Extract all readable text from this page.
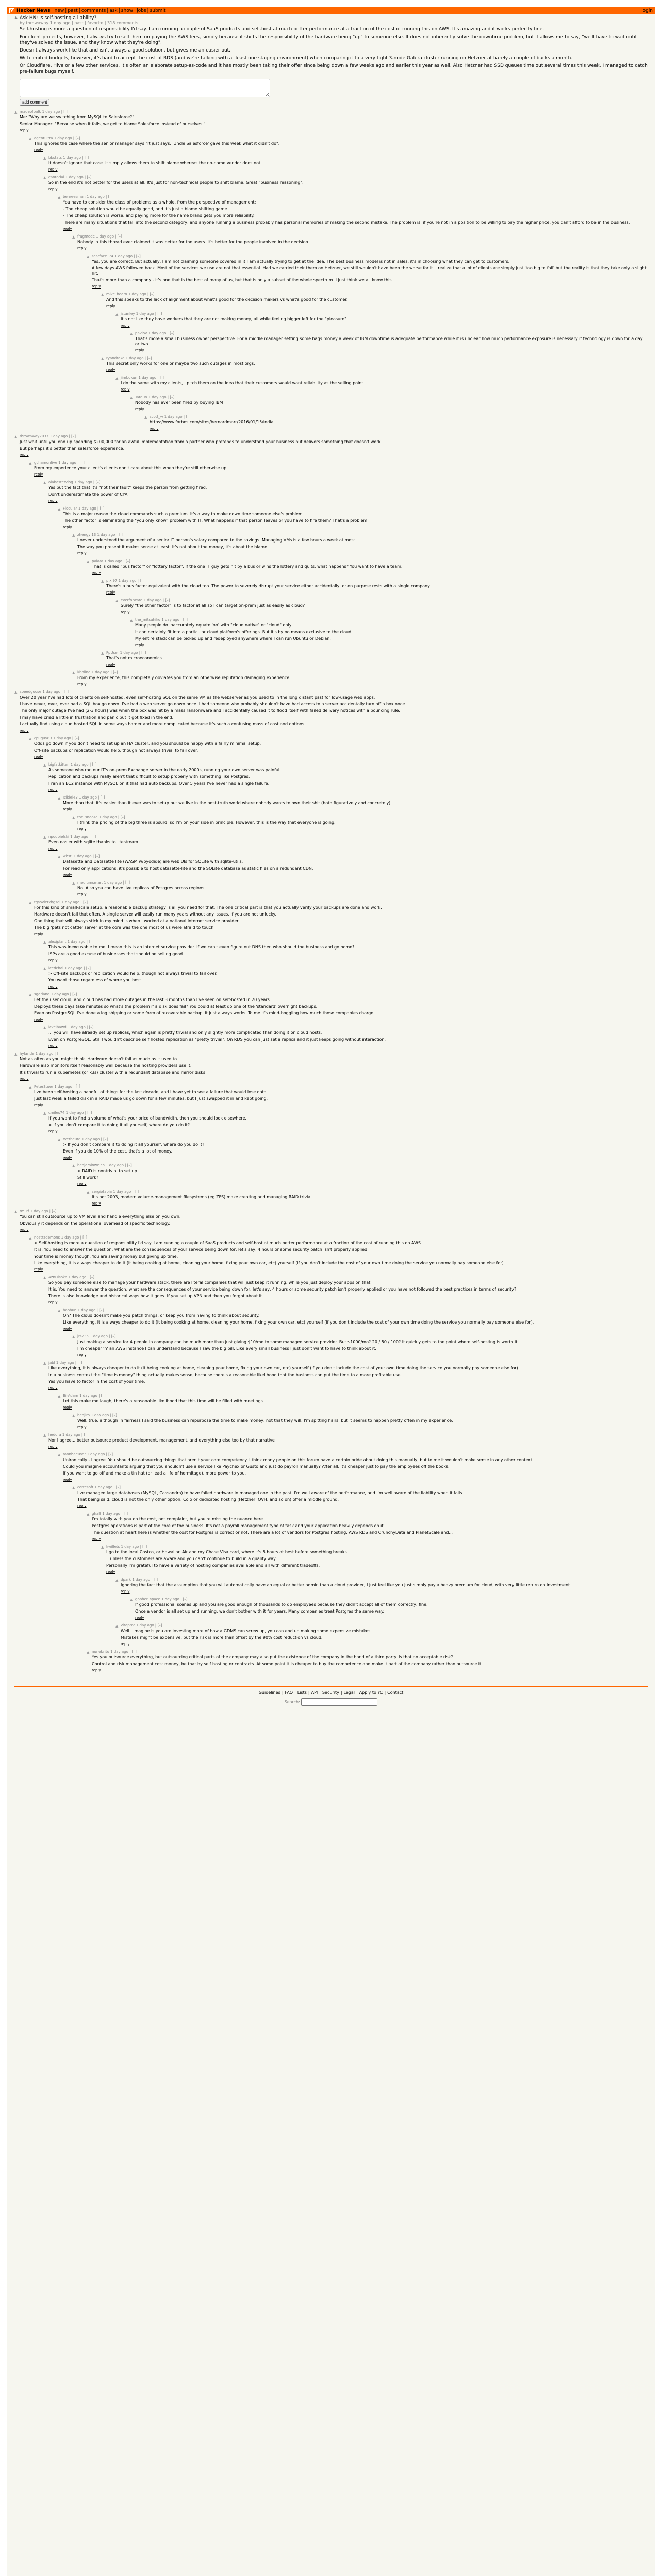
Y Hacker News new | past | comments | ask | show | jobs | submit	login
▲ Ask HN: Is self-hosting a liability?
by throwaway 1 day ago | past | favorite | 318 comments

Self-hosting is more a question of responsibility I'd say. I am running a couple of SaaS products and self-host at much better performance at a fraction of the cost of running this on AWS. It's amazing and it works perfectly fine.

For client projects, however, I always try to sell them on paying the AWS fees, simply because it shifts the responsibility of the hardware being "up" to someone else. It does not inherently solve the downtime problem, but it allows me to say, "we'll have to wait until they've solved the issue, and they know what they're doing".

Doesn't always work like that and isn't always a good solution, but gives me an easier out.

With limited budgets, however, it's hard to accept the cost of RDS (and we're talking with at least one staging environment) when comparing it to a very tight 3-node Galera cluster running on Hetzner at barely a couple of bucks a month.

Or Cloudflare, Hive or a few other services. It's often an elaborate setup-as-code and it has mostly been taking their offer since being down a few weeks ago and earlier this year as well. Also Hetzner had SSD queues time out several times this week. I managed to catch pre-failure bugs myself.

add comment
▲ madeofpalk 1 day ago | [–]

Me: "Why are we switching from MySQL to Salesforce?"

Senior Manager: "Because when it fails, we get to blame Salesforce instead of ourselves."

reply
▲ agentultra 1 day ago | [–]

This ignores the case where the senior manager says "It just says, 'Uncle Salesforce' gave this week what it didn't do".

reply
▲ bbstats 1 day ago | [–]

It doesn't ignore that case. It simply allows them to shift blame whereas the no-name vendor does not.

reply
▲ cantorial 1 day ago | [–]

So in the end it's not better for the users at all. It's just for non-technical people to shift blame. Great "business reasoning".

reply
▲ benreesman 1 day ago | [–]

You have to consider the class of problems as a whole, from the perspective of management:

- The cheap solution would be equally good, and it's just a blame shifting game.

- The cheap solution is worse, and paying more for the name brand gets you more reliability.

There are many situations that fall into the second category, and anyone running a business probably has personal memories of making the second mistake. The problem is, if you're not in a position to be willing to pay the higher price, you can't afford to be in the business.

reply
▲ fragmede 1 day ago | [–]

Nobody in this thread ever claimed it was better for the users. It's better for the people involved in the decision.

reply
▲ scarface_74 1 day ago | [–]

Yes, you are correct. But actually, I am not claiming someone covered in it I am actually trying to get at the idea. The best business model is not in sales, it's in choosing what they can get to customers.

A few days AWS followed back. Most of the services we use are not that essential. Had we carried their them on Hetzner, we still wouldn't have been the worse for it. I realize that a lot of clients are simply just 'too big to fail' but the reality is that they take only a slight hit.

That's more than a company - it's one that is the best of many of us, but that is only a subset of the whole spectrum. I just think we all know this.

reply
▲ mike_hearn 1 day ago | [–]

And this speaks to the lack of alignment about what's good for the decision makers vs what's good for the customer.

reply
▲ jstanley 1 day ago | [–]

It's not like they have workers that they are not making money, all while feeling bigger left for the "pleasure"

reply
▲ pavlov 1 day ago | [–]

That's more a small business owner perspective. For a middle manager setting some bags money a week of IBM downtime is adequate performance while it is unclear how much performance exposure is necessary if technology is down for a day or two.

reply
▲ ryandrake 1 day ago | [–]

This secret only works for one or maybe two such outages in most orgs.

reply
▲ jimbokun 1 day ago | [–]

I do the same with my clients, I pitch them on the idea that their customers would want reliability as the selling point.

reply
▲ Tarq0n 1 day ago | [–]

Nobody has ever been fired by buying IBM

reply
▲ scott_w 1 day ago | [–]

https://www.forbes.com/sites/bernardmarr/2016/01/15/india...

reply
▲ throwaway2037 1 day ago | [–]

Just wait until you end up spending $200,000 for an awful implementation from a partner who pretends to understand your business but delivers something that doesn't work.

But perhaps it's better than salesforce experience.

reply
▲ gchamonlive 1 day ago | [–]

From my experience your client's clients don't care about this when they're still otherwise up.

reply
▲ alabastervlog 1 day ago | [–]

Yes but the fact that it's "not their fault" keeps the person from getting fired.

Don't underestimate the power of CYA.

reply
▲ Flocular 1 day ago | [–]

This is a major reason the cloud commands such a premium. It's a way to make down time someone else's problem.

The other factor is eliminating the "you only know" problem with IT. What happens if that person leaves or you have to fire them? That's a problem.

reply
▲ zhengyi13 1 day ago | [–]

I never understood the argument of a senior IT person's salary compared to the savings. Managing VMs is a few hours a week at most.

The way you present it makes sense at least. It's not about the money, it's about the blame.

reply
▲ palata 1 day ago | [–]

That is called "bus factor" or "lottery factor". If the one IT guy gets hit by a bus or wins the lottery and quits, what happens? You want to have a team.

reply
▲ pixl97 1 day ago | [–]

There's a bus factor equivalent with the cloud too. The power to severely disrupt your service either accidentally, or on purpose rests with a single company.

reply
▲ everforward 1 day ago | [–]

Surely "the other factor" is to factor at all so I can target on-prem just as easily as cloud?

reply
▲ the_mitsuhiko 1 day ago | [–]

Many people do inaccurately equate 'on' with "cloud native" or "cloud" only.

It can certainly fit into a particular cloud platform's offerings. But it's by no means exclusive to the cloud.

My entire stack can be picked up and redeployed anywhere where I can run Ubuntu or Debian.

reply
▲ FpUser 1 day ago | [–]

That's not microeconomics.

reply
▲ kbolino 1 day ago | [–]

From my experience, this completely obviates you from an otherwise reputation damaging experience.

reply
▲ speedgoose 1 day ago | [–]

Over 20 year I've had lots of clients on self-hosted, even self-hosting SQL on the same VM as the webserver as you used to in the long distant past for low-usage web apps.

I have never, ever, ever had a SQL box go down. I've had a web server go down once. I had someone who probably shouldn't have had access to a server accidentally turn off a box once.

The only major outage I've had (2-3 hours) was when the box was hit by a mass ransomware and I accidentally caused it to flood itself with failed delivery notices with a bouncing rule.

I may have cried a little in frustration and panic but it got fixed in the end.

I actually find using cloud hosted SQL in some ways harder and more complicated because it's such a confusing mass of cost and options.

reply
▲ cpuguy83 1 day ago | [–]

Odds go down if you don't need to set up an HA cluster, and you should be happy with a fairly minimal setup.

Off-site backups or replication would help, though not always trivial to fail over.

reply
▲ bigfatkitten 1 day ago | [–]

As someone who ran our IT's on-prem Exchange server in the early 2000s, running your own server was painful.

Replication and backups really aren't that difficult to setup properly with something like Postgres.

I ran an EC2 instance with MySQL on it that had auto backups. Over 5 years I've never had a single failure.

reply
▲ Izikiel43 1 day ago | [–]

More than that, it's easier than it ever was to setup but we live in the post-truth world where nobody wants to own their shit (both figuratively and concretely)...

reply
▲ the_snooze 1 day ago | [–]

I think the pricing of the big three is absurd, so I'm on your side in principle. However, this is the way that everyone is going.

reply
▲ npodbielski 1 day ago | [–]

Even easier with sqlite thanks to litestream.

reply
▲ whstl 1 day ago | [–]

Datasette and Datasette lite (WASM w/pyodide) are web UIs for SQLite with sqlite-utils.

For read only applications, it's possible to host datasette-lite and the SQLite database as static files on a redundant CDN.

reply
▲ mediumsmart 1 day ago | [–]

No. Also you can have live replicas of Postgres across regions.

reply
▲ tgsovlerkhgsel 1 day ago | [–]

For this kind of small-scale setup, a reasonable backup strategy is all you need for that. The one critical part is that you actually verify your backups are done and work.

Hardware doesn't fail that often. A single server will easily run many years without any issues, if you are not unlucky.

One thing that will always stick in my mind is when I worked at a national internet service provider.

The big 'pets not cattle' server at the core was the one most of us were afraid to touch.

reply
▲ alexjplant 1 day ago | [–]

This was inexcusable to me. I mean this is an internet service provider. If we can't even figure out DNS then who should the business and go home?

ISPs are a good excuse of businesses that should be selling good.

reply
▲ icedchai 1 day ago | [–]

> Off-site backups or replication would help, though not always trivial to fail over.

You want those regardless of where you host.

reply
▲ sgarland 1 day ago | [–]

Let the user cloud, and cloud has had more outages in the last 3 months than I've seen on self-hosted in 20 years.

Deploys these days take minutes so what's the problem if a disk does fail? You could at least do one of the 'standard' overnight backups.

Even on PostgreSQL I've done a log shipping or some form of recoverable backup, it just always works. To me it's mind-boggling how much those companies charge.

reply
▲ ickelbawd 1 day ago | [–]

... you will have already set up replicas, which again is pretty trivial and only slightly more complicated than doing it on cloud hosts.

Even on PostgreSQL. Still I wouldn't describe self hosted replication as "pretty trivial". On RDS you can just set a replica and it just keeps going without interaction.

reply
▲ hylaride 1 day ago | [–]

Not as often as you might think. Hardware doesn't fail as much as it used to.

Hardware also monitors itself reasonably well because the hosting providers use it.

It's trivial to run a Kubernetes (or k3s) cluster with a redundant database and mirror disks.

reply
▲ PeterStuer 1 day ago | [–]

I've been self-hosting a handful of things for the last decade, and I have yet to see a failure that would lose data.

Just last week a failed disk in a RAID made us go down for a few minutes, but I just swapped it in and kept going.

reply
▲ cmiles74 1 day ago | [–]

If you want to find a volume of what's your price of bandwidth, then you should look elsewhere.

> If you don't compare it to doing it all yourself, where do you do it?

reply
▲ tverbeure 1 day ago | [–]

> If you don't compare it to doing it all yourself, where do you do it?

Even if you do 10% of the cost, that's a lot of money.

reply
▲ benjaminwelch 1 day ago | [–]

> RAID is nontrivial to set up.

Still work?

reply
▲ sergiotapia 1 day ago | [–]

It's not 2003, modern volume-management filesystems (eg ZFS) make creating and managing RAID trivial.

reply
▲ rm_rf 1 day ago | [–]

You can still outsource up to VM level and handle everything else on you own.

Obviously it depends on the operational overhead of specific technology.

reply
▲ nostrademons 1 day ago | [–]

> Self-hosting is more a question of responsibility I'd say. I am running a couple of SaaS products and self-host at much better performance at a fraction of the cost of running this on AWS.

It is. You need to answer the question: what are the consequences of your service being down for, let's say, 4 hours or some security patch isn't properly applied.

Your time is money though. You are saving money but giving up time.

Like everything, it is always cheaper to do it (it being cooking at home, cleaning your home, fixing your own car, etc) yourself (if you don't include the cost of your own time doing the service you normally pay someone else for).

reply
▲ AznHisoka 1 day ago | [–]

So you pay someone else to manage your hardware stack, there are literal companies that will just keep it running, while you just deploy your apps on that.

It is. You need to answer the question: what are the consequences of your service being down for, let's say, 4 hours or some security patch isn't properly applied or you have not followed the best practices in terms of security?

There is also knowledge and historical ways how it goes. If you set up VPN and then you forgot about it.

reply
▲ baobun 1 day ago | [–]

Oh? The cloud doesn't make you patch things, or keep you from having to think about security.

Like everything, it is always cheaper to do it (it being cooking at home, cleaning your home, fixing your own car, etc) yourself (if you don't include the cost of your own time doing the service you normally pay someone else for).

reply
▲ jrs235 1 day ago | [–]

Just making a service for 4 people in company can be much more than just giving $10/mo to some managed service provider. But $1000/mo? 20 / 50 / 100? It quickly gets to the point where self-hosting is worth it.

I'm cheaper 'n' an AWS instance I can understand because I saw the big bill. Like every small business I just don't want to have to think about it.

reply
▲ jabl 1 day ago | [–]

Like everything, it is always cheaper to do it (it being cooking at home, cleaning your home, fixing your own car, etc) yourself (if you don't include the cost of your own time doing the service you normally pay someone else for).

In a business context the "time is money" thing actually makes sense, because there's a reasonable likelihood that the business can put the time to a more profitable use.

Yes you have to factor in the cost of your time.

reply
▲ BirAdam 1 day ago | [–]

Let this make me laugh, there's a reasonable likelihood that this time will be filled with meetings.

reply
▲ benjiro 1 day ago | [–]

Well, true, although in fairness I said the business can repurpose the time to make money, not that they will. I'm spitting hairs, but it seems to happen pretty often in my experience.

reply
▲ hedora 1 day ago | [–]

Nor I agree... better outsource product development, management, and everything else too by that narrative

reply
▲ tannhaeuser 1 day ago | [–]

Unironically - I agree. You should be outsourcing things that aren't your core competency. I think many people on this forum have a certain pride about doing this manually, but to me it wouldn't make sense in any other context.

Could you imagine accountants arguing that you shouldn't use a service like Paychex or Gusto and just do payroll manually? After all, it's cheaper just to pay the employees off the books.

If you want to go off and make a tin hat (or lead a life of hermitage), more power to you.

reply
▲ cortesoft 1 day ago | [–]

I've managed large databases (MySQL, Cassandra) to have failed hardware in managed one in the past. I'm well aware of the performance, and I'm well aware of the liability when it fails.

That being said, cloud is not the only other option. Colo or dedicated hosting (Hetzner, OVH, and so on) offer a middle ground.

reply
▲ ghaff 1 day ago | [–]

I'm totally with you on the cost, not complaint, but you're missing the nuance here.

Postgres operations is part of the core of the business. It's not a payroll management type of task and your application heavily depends on it.

The question at heart here is whether the cost for Postgres is correct or not. There are a lot of vendors for Postgres hosting. AWS RDS and CrunchyData and PlanetScale and...

reply
▲ kwillets 1 day ago | [–]

I go to the local Costco, or Hawaiian Air and my Chase Visa card, where it's 8 hours at best before something breaks.

...unless the customers are aware and you can't continue to build in a quality way.

Personally I'm grateful to have a variety of hosting companies available and all with different tradeoffs.

reply
▲ dpark 1 day ago | [–]

Ignoring the fact that the assumption that you will automatically have an equal or better admin than a cloud provider, I just feel like you just simply pay a heavy premium for cloud, with very little return on investment.

reply
▲ gopher_space 1 day ago | [–]

If good professional scenes up and you are good enough of thousands to do employees because they didn't accept all of them correctly, fine.

Once a vendor is all set up and running, we don't bother with it for years. Many companies treat Postgres the same way.

reply
▲ viraptor 1 day ago | [–]

Well I imagine is you are investing more of how a GDMS can screw up, you can end up making some expensive mistakes.

Mistakes might be expensive, but the risk is more than offset by the 90% cost reduction vs cloud.

reply
▲ nunobrito 1 day ago | [–]

Yes you outsource everything, but outsourcing critical parts of the company may also put the existence of the company in the hand of a third party. Is that an acceptable risk?

Control and risk management cost money, be that by self hosting or contracts. At some point it is cheaper to buy the competence and make it part of the company rather than outsource it.

reply
Guidelines | FAQ | Lists | API | Security | Legal | Apply to YC | Contact
Search:
